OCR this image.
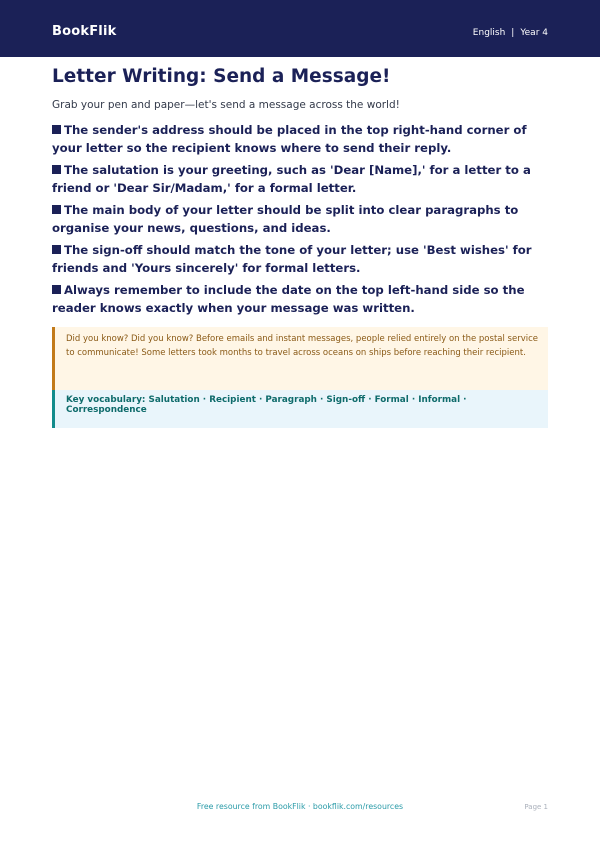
BookFlik	English | Year 4
Letter Writing: Send a Message!
Grab your pen and paper—let's send a message across the world!
The sender's address should be placed in the top right-hand corner of your letter so the recipient knows where to send their reply.
The salutation is your greeting, such as 'Dear [Name],' for a letter to a friend or 'Dear Sir/Madam,' for a formal letter.
The main body of your letter should be split into clear paragraphs to organise your news, questions, and ideas.
The sign-off should match the tone of your letter; use 'Best wishes' for friends and 'Yours sincerely' for formal letters.
Always remember to include the date on the top left-hand side so the reader knows exactly when your message was written.
Did you know? Did you know? Before emails and instant messages, people relied entirely on the postal service to communicate! Some letters took months to travel across oceans on ships before reaching their recipient.
Key vocabulary: Salutation · Recipient · Paragraph · Sign-off · Formal · Informal · Correspondence
Free resource from BookFlik · bookflik.com/resources	Page 1
